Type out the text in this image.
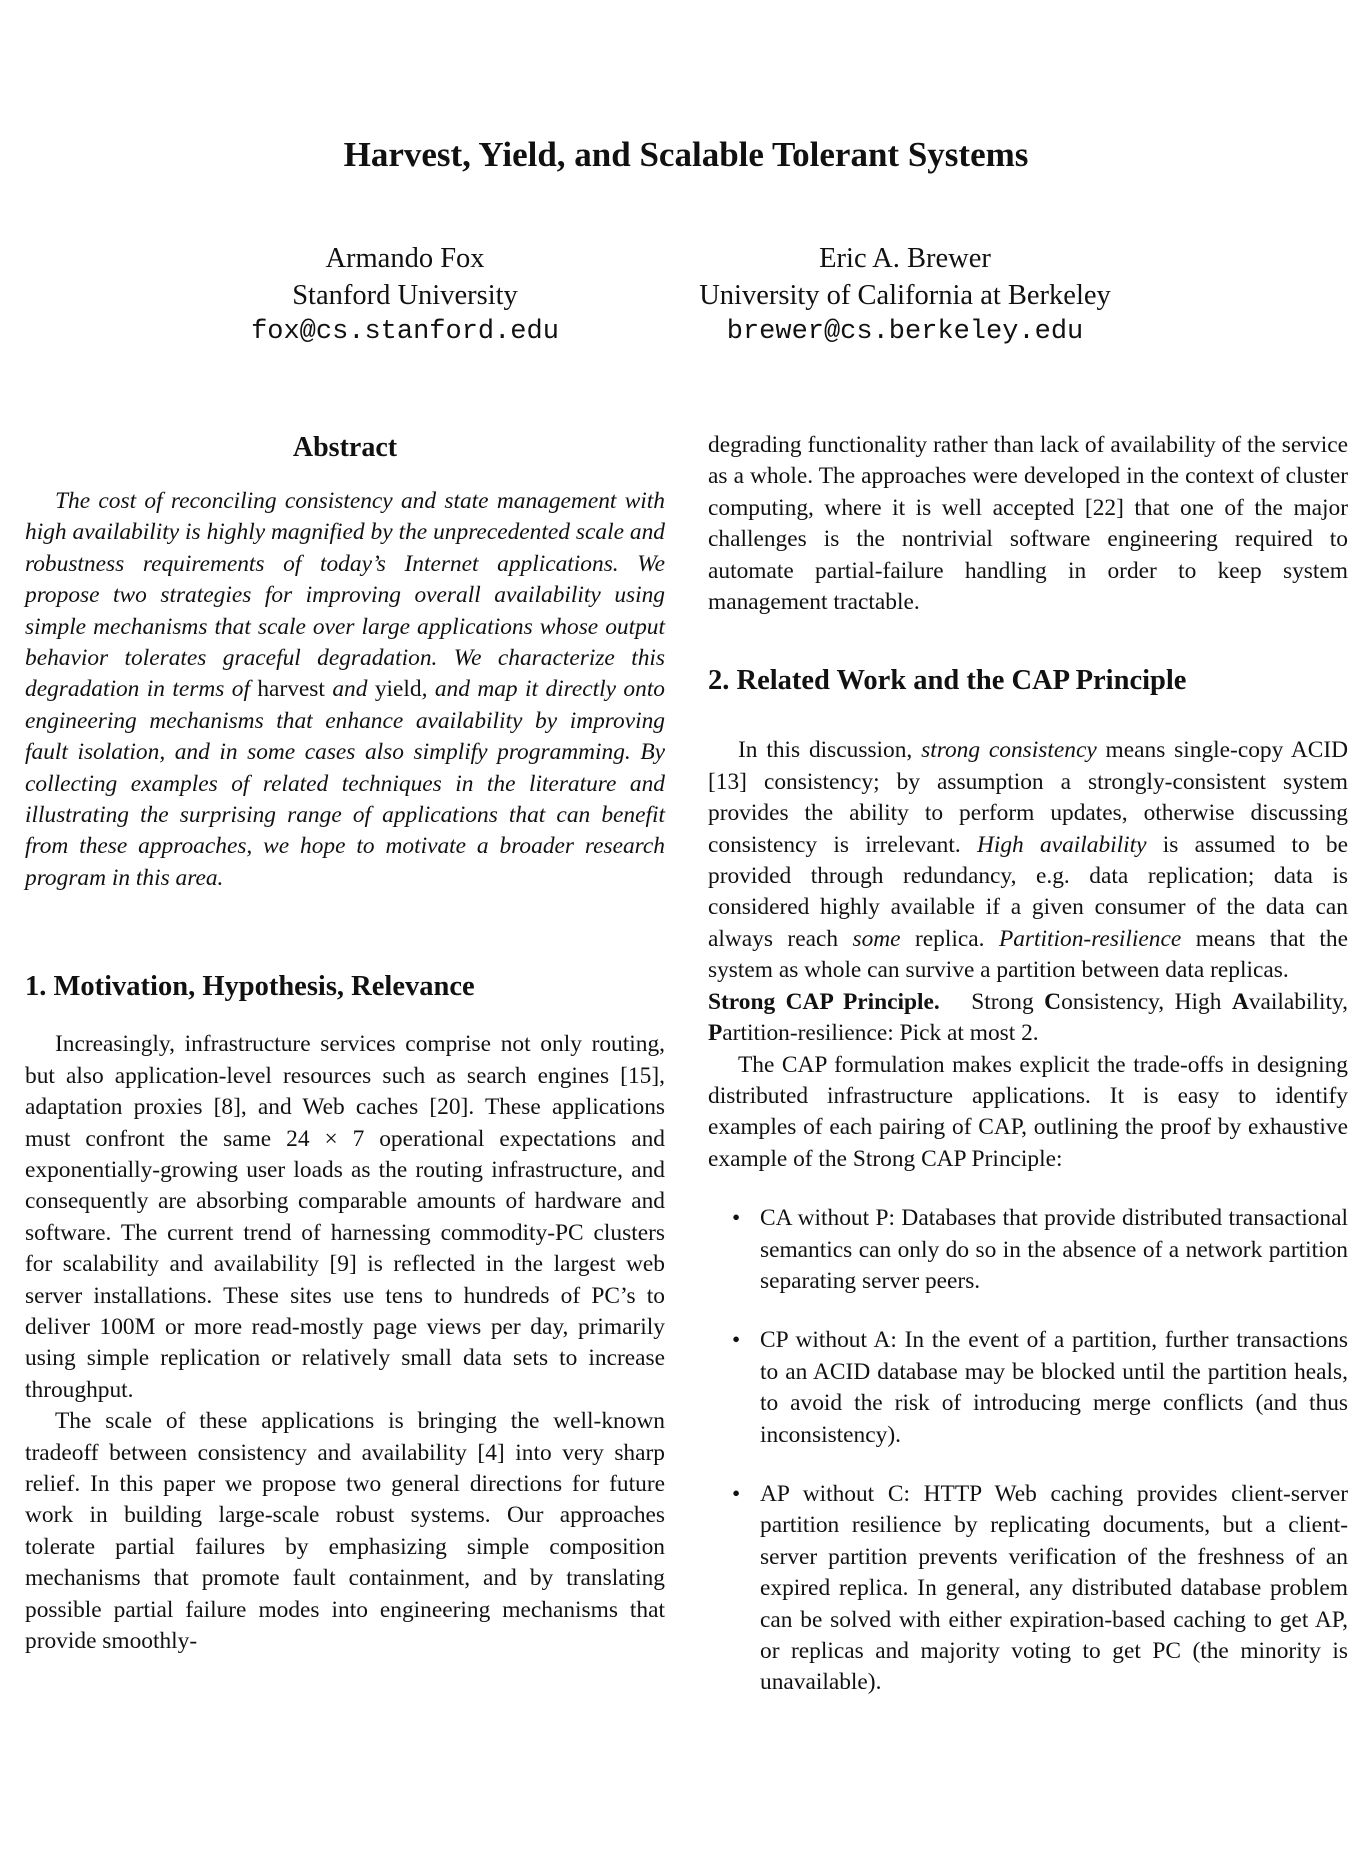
Harvest, Yield, and Scalable Tolerant Systems
Armando Fox
Stanford University
fox@cs.stanford.edu
Eric A. Brewer
University of California at Berkeley
brewer@cs.berkeley.edu
Abstract

The cost of reconciling consistency and state management with high availability is highly magnified by the unprecedented scale and robustness requirements of today’s Internet applications. We propose two strategies for improving overall availability using simple mechanisms that scale over large applications whose output behavior tolerates graceful degradation. We characterize this degradation in terms of harvest and yield, and map it directly onto engineering mechanisms that enhance availability by improving fault isolation, and in some cases also simplify programming. By collecting examples of related techniques in the literature and illustrating the surprising range of applications that can benefit from these approaches, we hope to motivate a broader research program in this area.

1. Motivation, Hypothesis, Relevance

Increasingly, infrastructure services comprise not only routing, but also application-level resources such as search engines [15], adaptation proxies [8], and Web caches [20]. These applications must confront the same 24 × 7 operational expectations and exponentially-growing user loads as the routing infrastructure, and consequently are absorbing comparable amounts of hardware and software. The current trend of harnessing commodity-PC clusters for scalability and availability [9] is reflected in the largest web server installations. These sites use tens to hundreds of PC’s to deliver 100M or more read-mostly page views per day, primarily using simple replication or relatively small data sets to increase throughput.

The scale of these applications is bringing the well-known tradeoff between consistency and availability [4] into very sharp relief. In this paper we propose two general directions for future work in building large-scale robust systems. Our approaches tolerate partial failures by emphasizing simple composition mechanisms that promote fault containment, and by translating possible partial failure modes into engineering mechanisms that provide smoothly-

degrading functionality rather than lack of availability of the service as a whole. The approaches were developed in the context of cluster computing, where it is well accepted [22] that one of the major challenges is the nontrivial software engineering required to automate partial-failure handling in order to keep system management tractable.

2. Related Work and the CAP Principle

In this discussion, strong consistency means single-copy ACID [13] consistency; by assumption a strongly-consistent system provides the ability to perform updates, otherwise discussing consistency is irrelevant. High availability is assumed to be provided through redundancy, e.g. data replication; data is considered highly available if a given consumer of the data can always reach some replica. Partition-resilience means that the system as whole can survive a partition between data replicas.

Strong CAP Principle. Strong Consistency, High Availability, Partition-resilience: Pick at most 2.

The CAP formulation makes explicit the trade-offs in designing distributed infrastructure applications. It is easy to identify examples of each pairing of CAP, outlining the proof by exhaustive example of the Strong CAP Principle:

• CA without P: Databases that provide distributed transactional semantics can only do so in the absence of a network partition separating server peers.
• CP without A: In the event of a partition, further transactions to an ACID database may be blocked until the partition heals, to avoid the risk of introducing merge conflicts (and thus inconsistency).
• AP without C: HTTP Web caching provides client-server partition resilience by replicating documents, but a client-server partition prevents verification of the freshness of an expired replica. In general, any distributed database problem can be solved with either expiration-based caching to get AP, or replicas and majority voting to get PC (the minority is unavailable).
